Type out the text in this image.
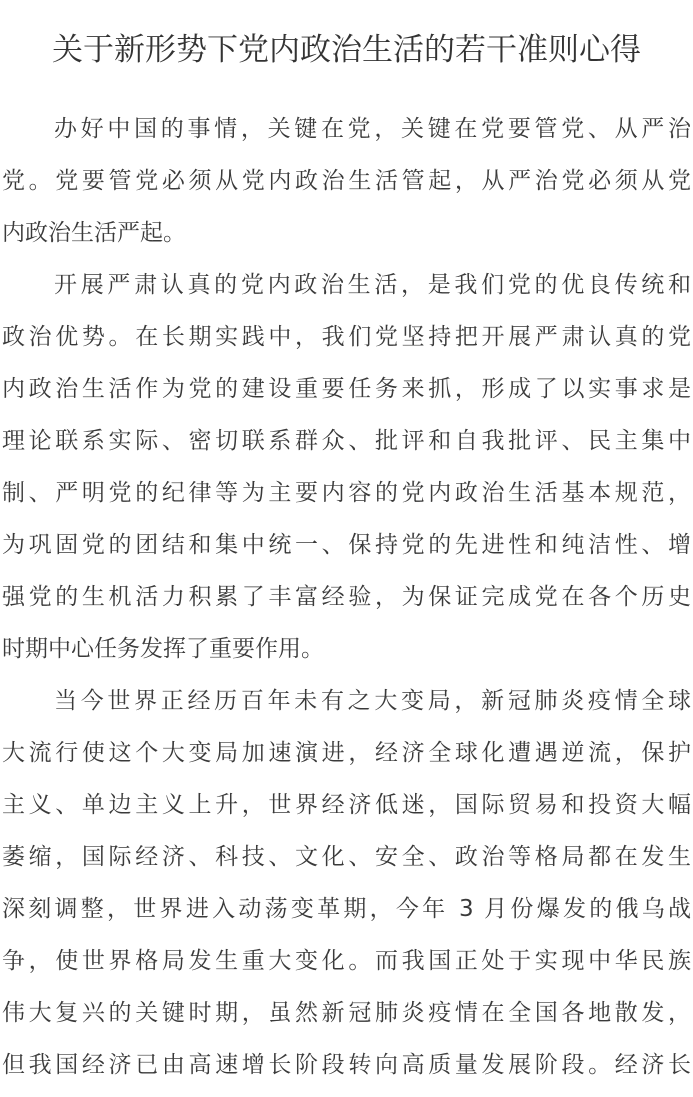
关于新形势下党内政治生活的若干准则心得
办好中国的事情，关键在党，关键在党要管党、从严治
党。党要管党必须从党内政治生活管起，从严治党必须从党
内政治生活严起。
开展严肃认真的党内政治生活，是我们党的优良传统和
政治优势。在长期实践中，我们党坚持把开展严肃认真的党
内政治生活作为党的建设重要任务来抓，形成了以实事求是
理论联系实际、密切联系群众、批评和自我批评、民主集中
制、严明党的纪律等为主要内容的党内政治生活基本规范，
为巩固党的团结和集中统一、保持党的先进性和纯洁性、增
强党的生机活力积累了丰富经验，为保证完成党在各个历史
时期中心任务发挥了重要作用。
当今世界正经历百年未有之大变局，新冠肺炎疫情全球
大流行使这个大变局加速演进，经济全球化遭遇逆流，保护
主义、单边主义上升，世界经济低迷，国际贸易和投资大幅
萎缩，国际经济、科技、文化、安全、政治等格局都在发生
深刻调整，世界进入动荡变革期，今年 3 月份爆发的俄乌战
争，使世界格局发生重大变化。而我国正处于实现中华民族
伟大复兴的关键时期，虽然新冠肺炎疫情在全国各地散发，
但我国经济已由高速增长阶段转向高质量发展阶段。经济长
